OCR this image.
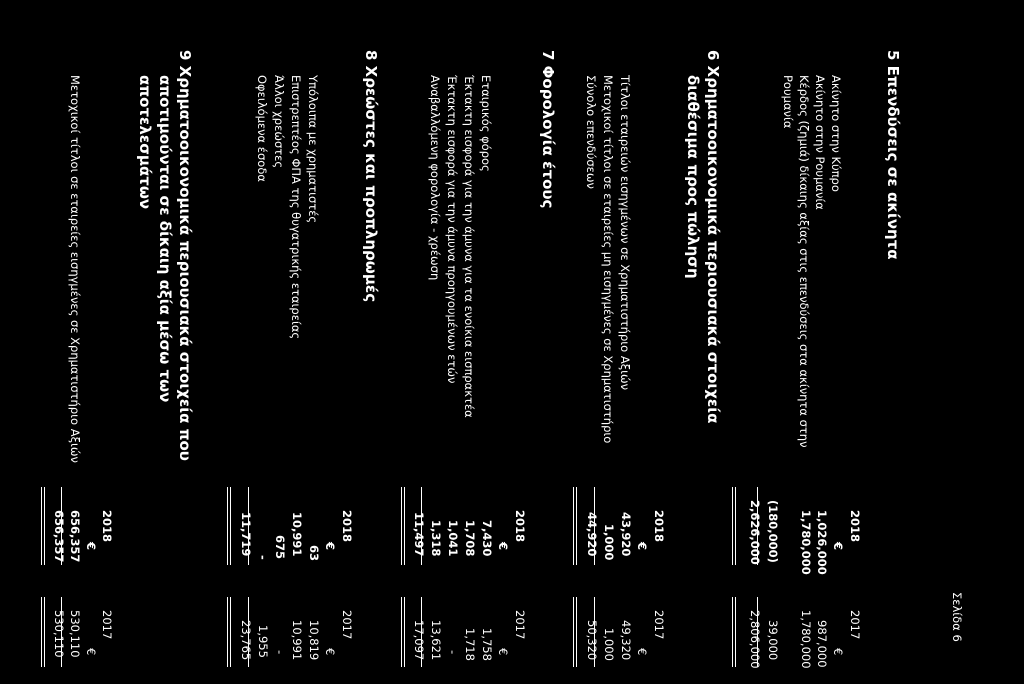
Σελίδα 6
5 Επενδύσεις σε ακίνητα
Ακίνητο στην Κύπρο
Ακίνητο στην Ρουμανία
Κέρδος (ζημιά) δίκαιης αξίας στις επενδύσεις στα ακίνητα στην
Ρουμανία
2018
€
1,026,000
1,780,000
(180,000)
2,626,000
2017
€
987,000
1,780,000
39,000
2,806,000
6 Χρηματοοικονομικά περιουσιακά στοιχεία
διαθέσιμα προς πώληση
Τίτλοι εταιρειών εισηγμένων σε Χρηματιστήριο Αξιών
Μετοχικοί τίτλοι σε εταιρείες μη εισηγμένες σε Χρηματιστήριο
Σύνολο επενδύσεων
2018
€
43,920
1,000
44,920
2017
€
49,320
1,000
50,320
7 Φορολογία έτους
Εταιρικός φόρος
Έκτακτη εισφορά για την άμυνα για τα ενοίκια εισπρακτέα
Έκτακτη εισφορά για την άμυνα προηγουμένων ετών
Αναβαλλόμενη φορολογία - χρέωση
2018
€
7,430
1,708
1,041
1,318
11,497
2017
€
1,758
1,718
-
13,621
17,097
8 Χρεώστες και προπληρωμές
Υπόλοιπα με χρηματιστές
Επιστρεπτέος ΦΠΑ της θυγατρικής εταιρείας
Άλλοι χρεώστες
Οφειλόμενα έσοδα
2018
€
63
10,991
675
-
11,719
2017
€
10,819
10,991
-
1,955
23,765
9 Χρηματοοικονομικά περιουσιακά στοιχεία που
αποτιμούνται σε δίκαιη αξία μέσω των
αποτελεσμάτων
Μετοχικοί τίτλοι σε εταιρείες εισηγμένες σε Χρηματιστήριο Αξιών
2018
€
656,357
656,357
2017
€
530,110
530,110
